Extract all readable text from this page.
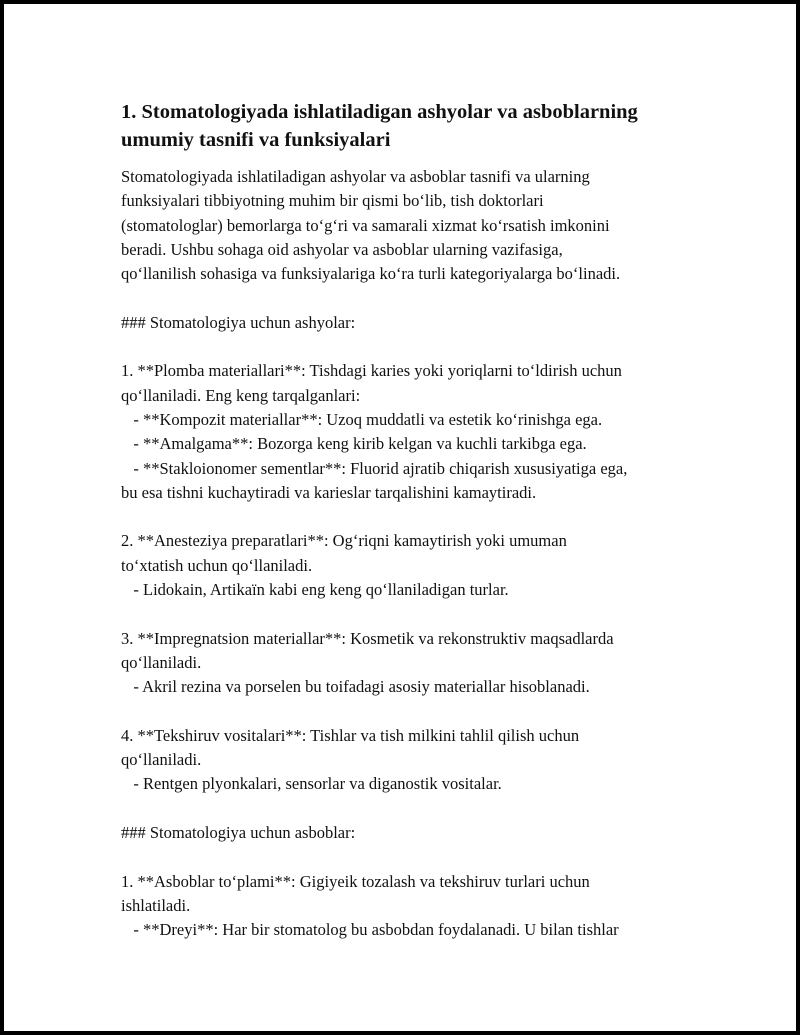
1. Stomatologiyada ishlatiladigan ashyolar va asboblarning umumiy tasnifi va funksiyalari
Stomatologiyada ishlatiladigan ashyolar va asboblar tasnifi va ularning
funksiyalari tibbiyotning muhim bir qismi bo‘lib, tish doktorlari
(stomatologlar) bemorlarga to‘g‘ri va samarali xizmat ko‘rsatish imkonini
beradi. Ushbu sohaga oid ashyolar va asboblar ularning vazifasiga,
qo‘llanilish sohasiga va funksiyalariga ko‘ra turli kategoriyalarga bo‘linadi.

### Stomatologiya uchun ashyolar:

1. **Plomba materiallari**: Tishdagi karies yoki yoriqlarni to‘ldirish uchun
qo‘llaniladi. Eng keng tarqalganlari:
- **Kompozit materiallar**: Uzoq muddatli va estetik ko‘rinishga ega.
- **Amalgama**: Bozorga keng kirib kelgan va kuchli tarkibga ega.
- **Stakloionomer sementlar**: Fluorid ajratib chiqarish xususiyatiga ega,
bu esa tishni kuchaytiradi va karieslar tarqalishini kamaytiradi.

2. **Anesteziya preparatlari**: Og‘riqni kamaytirish yoki umuman
to‘xtatish uchun qo‘llaniladi.
- Lidokain, Artikaïn kabi eng keng qo‘llaniladigan turlar.

3. **Impregnatsion materiallar**: Kosmetik va rekonstruktiv maqsadlarda
qo‘llaniladi.
- Akril rezina va porselen bu toifadagi asosiy materiallar hisoblanadi.

4. **Tekshiruv vositalari**: Tishlar va tish milkini tahlil qilish uchun
qo‘llaniladi.
- Rentgen plyonkalari, sensorlar va diganostik vositalar.

### Stomatologiya uchun asboblar:

1. **Asboblar to‘plami**: Gigiyeik tozalash va tekshiruv turlari uchun
ishlatiladi.
- **Dreyi**: Har bir stomatolog bu asbobdan foydalanadi. U bilan tishlar
